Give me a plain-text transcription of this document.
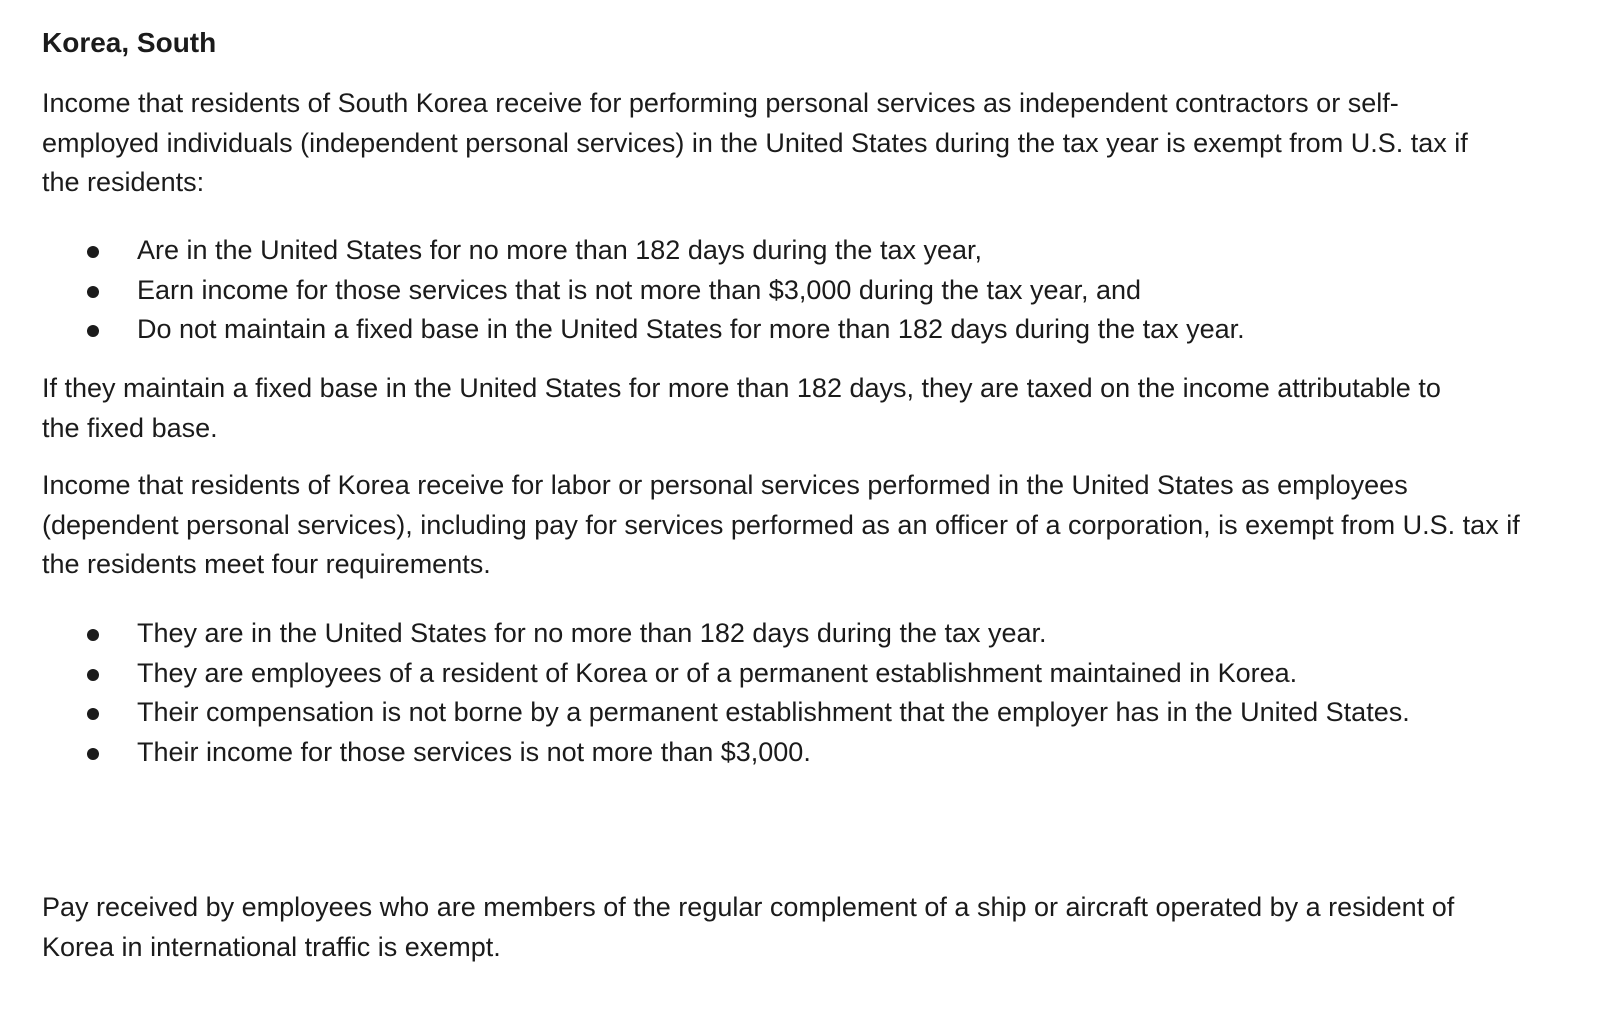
Korea, South

Income that residents of South Korea receive for performing personal services as independent contractors or self-employed individuals (independent personal services) in the United States during the tax year is exempt from U.S. tax if the residents:

Are in the United States for no more than 182 days during the tax year,
Earn income for those services that is not more than $3,000 during the tax year, and
Do not maintain a fixed base in the United States for more than 182 days during the tax year.

If they maintain a fixed base in the United States for more than 182 days, they are taxed on the income attributable to the fixed base.

Income that residents of Korea receive for labor or personal services performed in the United States as employees (dependent personal services), including pay for services performed as an officer of a corporation, is exempt from U.S. tax if the residents meet four requirements.

They are in the United States for no more than 182 days during the tax year.
They are employees of a resident of Korea or of a permanent establishment maintained in Korea.
Their compensation is not borne by a permanent establishment that the employer has in the United States.
Their income for those services is not more than $3,000.

Pay received by employees who are members of the regular complement of a ship or aircraft operated by a resident of Korea in international traffic is exempt.
